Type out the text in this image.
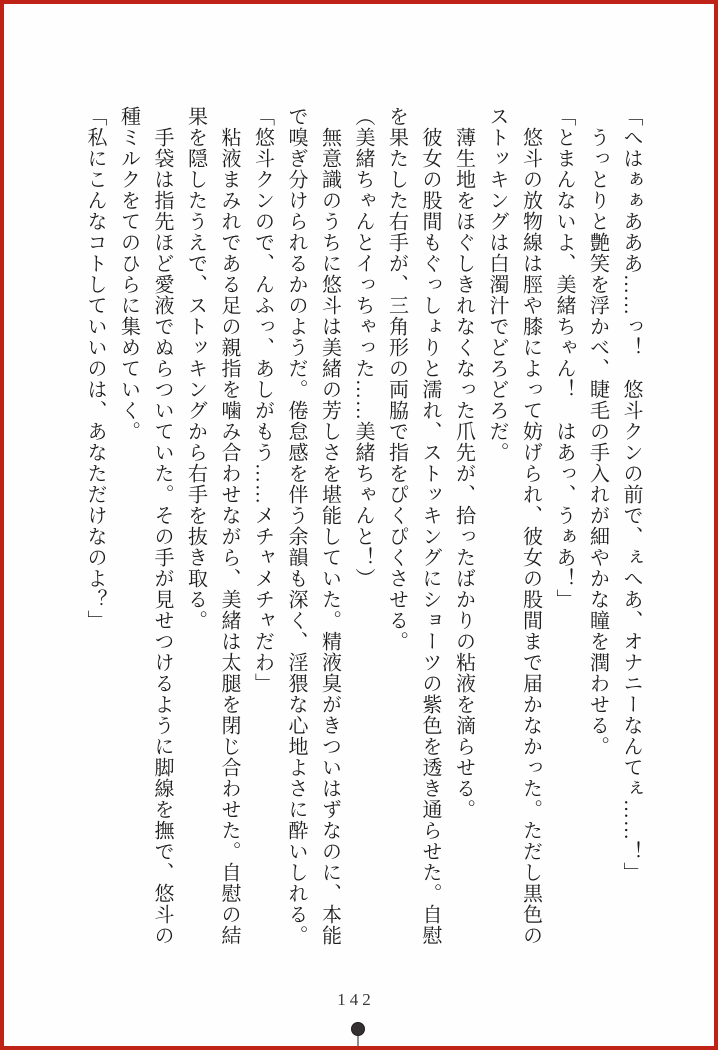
「へはぁぁあああ……っ！　悠斗クンの前で、ぇへあ、オナニーなんてぇ……！」
うっとりと艶笑を浮かべ、睫毛の手入れが細やかな瞳を潤わせる。
「とまんないよ、美緒ちゃん！　はあっ、うぁあ！」
悠斗の放物線は脛や膝によって妨げられ、彼女の股間まで届かなかった。ただし黒色の
ストッキングは白濁汁でどろどろだ。
薄生地をほぐしきれなくなった爪先が、拾ったばかりの粘液を滴らせる。
彼女の股間もぐっしょりと濡れ、ストッキングにショーツの紫色を透き通らせた。自慰
を果たした右手が、三角形の両脇で指をぴくぴくさせる。
（美緒ちゃんとイっちゃった……美緒ちゃんと！）
無意識のうちに悠斗は美緒の芳しさを堪能していた。精液臭がきついはずなのに、本能
で嗅ぎ分けられるかのようだ。倦怠感を伴う余韻も深く、淫猥な心地よさに酔いしれる。
「悠斗クンので、んふっ、あしがもう……メチャメチャだわ」
粘液まみれである足の親指を噛み合わせながら、美緒は太腿を閉じ合わせた。自慰の結
果を隠したうえで、ストッキングから右手を抜き取る。
手袋は指先ほど愛液でぬらついていた。その手が見せつけるように脚線を撫で、悠斗の
種ミルクをてのひらに集めていく。
「私にこんなコトしていいのは、あなただけなのよ？」
142
